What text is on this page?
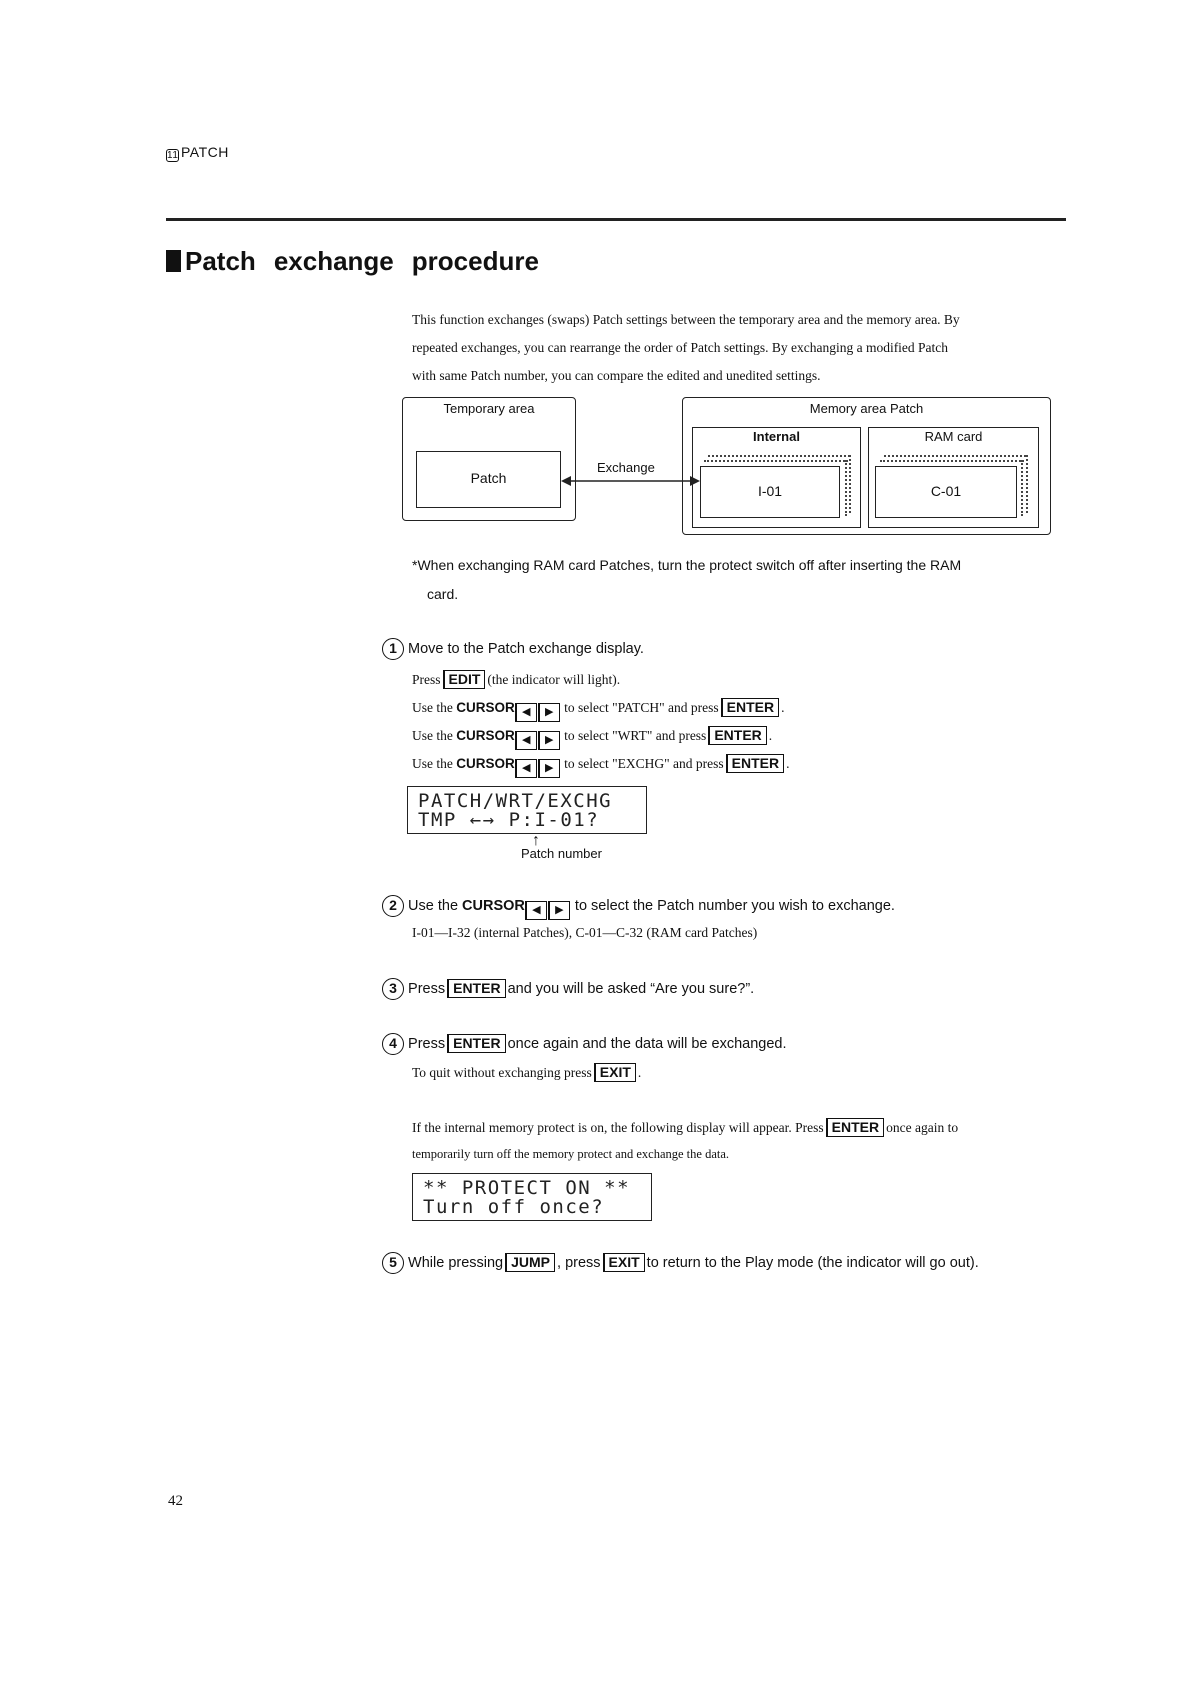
11 PATCH
Patch exchange procedure
This function exchanges (swaps) Patch settings between the temporary area and the memory area. By
repeated exchanges, you can rearrange the order of Patch settings. By exchanging a modified Patch
with same Patch number, you can compare the edited and unedited settings.
Temporary area
Patch
Exchange
Memory area Patch
Internal
I-01
RAM card
C-01
*When exchanging RAM card Patches, turn the protect switch off after inserting the RAM
card.
1 Move to the Patch exchange display.
Press EDIT (the indicator will light).
Use the CURSOR ◀ ▶ to select "PATCH" and press ENTER .
Use the CURSOR ◀ ▶ to select "WRT" and press ENTER .
Use the CURSOR ◀ ▶ to select "EXCHG" and press ENTER .
PATCH/WRT/EXCHG
TMP ←→ P:I-01?
↑
Patch number
2 Use the CURSOR ◀ ▶ to select the Patch number you wish to exchange.
I-01—I-32 (internal Patches), C-01—C-32 (RAM card Patches)
3 Press ENTER and you will be asked “Are you sure?”.
4 Press ENTER once again and the data will be exchanged.
To quit without exchanging press EXIT .
If the internal memory protect is on, the following display will appear. Press ENTER once again to
temporarily turn off the memory protect and exchange the data.
** PROTECT ON **
Turn off once?
5 While pressing JUMP , press EXIT to return to the Play mode (the indicator will go out).
42
